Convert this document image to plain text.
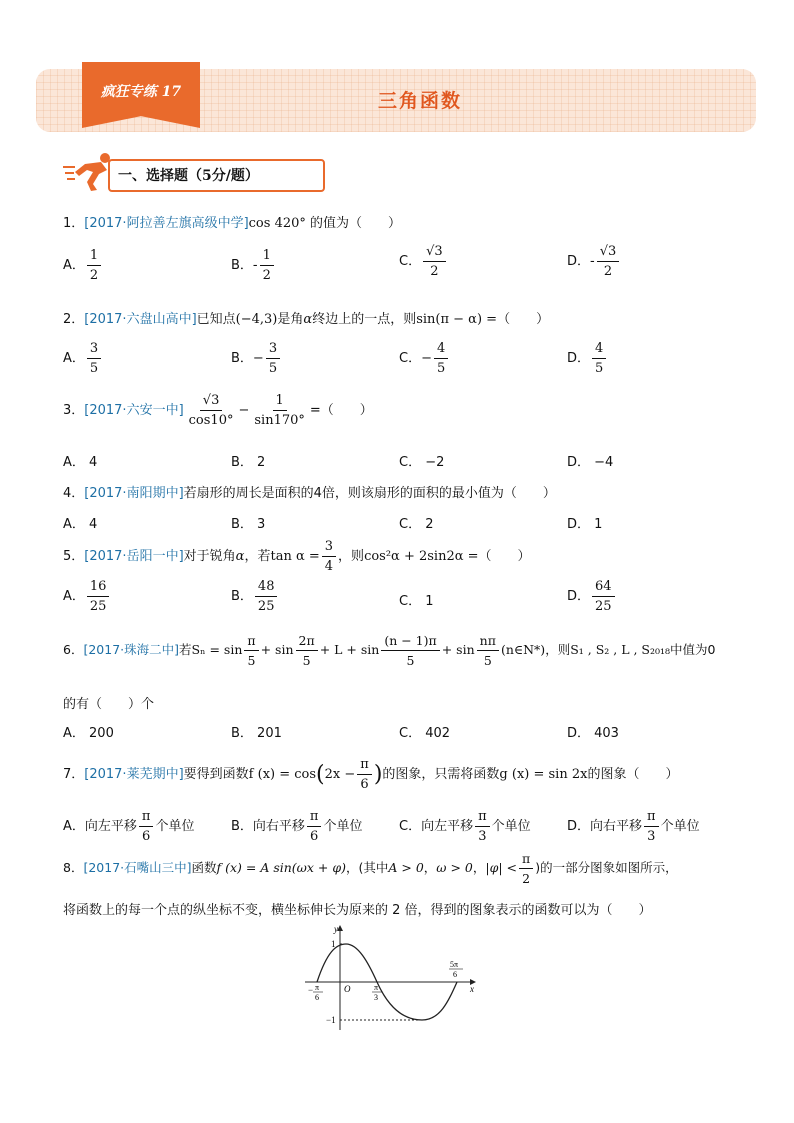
疯狂专练 17	三角函数
一、选择题（5分/题）
1．[2017·阿拉善左旗高级中学]cos 420° 的值为（　　）
A． $\frac{1}{2}$	B．- $\frac{1}{2}$	C． $\frac{√3}{2}$	D．- $\frac{√3}{2}$
2．[2017·六盘山高中]已知点(−4,3)是角α终边上的一点，则sin(π − α) =（　　）
A． $\frac{3}{5}$	B．− $\frac{3}{5}$	C．− $\frac{4}{5}$	D． $\frac{4}{5}$
3．[2017·六安一中] $\frac{√3}{\cos 10^\circ} - \frac{1}{\sin 170^\circ}$ =（　　）
A． 4	B． 2	C． −2	D． −4
4．[2017·南阳期中]若扇形的周长是面积的4倍，则该扇形的面积的最小值为（　　）
A． 4	B． 3	C． 2	D． 1
5．[2017·岳阳一中]对于锐角α，若$\tan \alpha = \frac{3}{4}$ ，则cos²α + 2sin2α =（　　）
A． $\frac{16}{25}$	B． $\frac{48}{25}$	C． 1	D． $\frac{64}{25}$
6．[2017·珠海二中]若$S_n = \sin \frac{\pi}{5} + \sin \frac{2\pi}{5} + L + \sin \frac{(n - 1)\pi}{5} + \sin \frac{n\pi}{5}$ (n∈N*)，则S₁ , S₂ , L , S₂₀₁₈中值为0
的有（　　）个
A． 200	B． 201	C． 402	D． 403
7．[2017·莱芜期中]要得到函数f $(x) = \cos(2x - \frac{\pi}{6}$ )的图象，只需将函数g (x) = sin 2x的图象（　　）
A．向左平移 $\frac{\pi}{6}$ 个单位	B．向右平移 $\frac{\pi}{6}$ 个单位	C．向左平移 $\frac{\pi}{3}$ 个单位	D．向右平移 $\frac{\pi}{3}$ 个单位
8．[2017·石嘴山三中]函数f (x) = A sin(ωx + φ)，(其中A > 0，ω > 0，$|\varphi| < \frac{\pi}{2}$ )的一部分图象如图所示，
将函数上的每一个点的纵坐标不变，横坐标伸长为原来的 2 倍，得到的图象表示的函数可以为（　　）
y
x
O
1
−1
− π
6
π
3
5π
6
